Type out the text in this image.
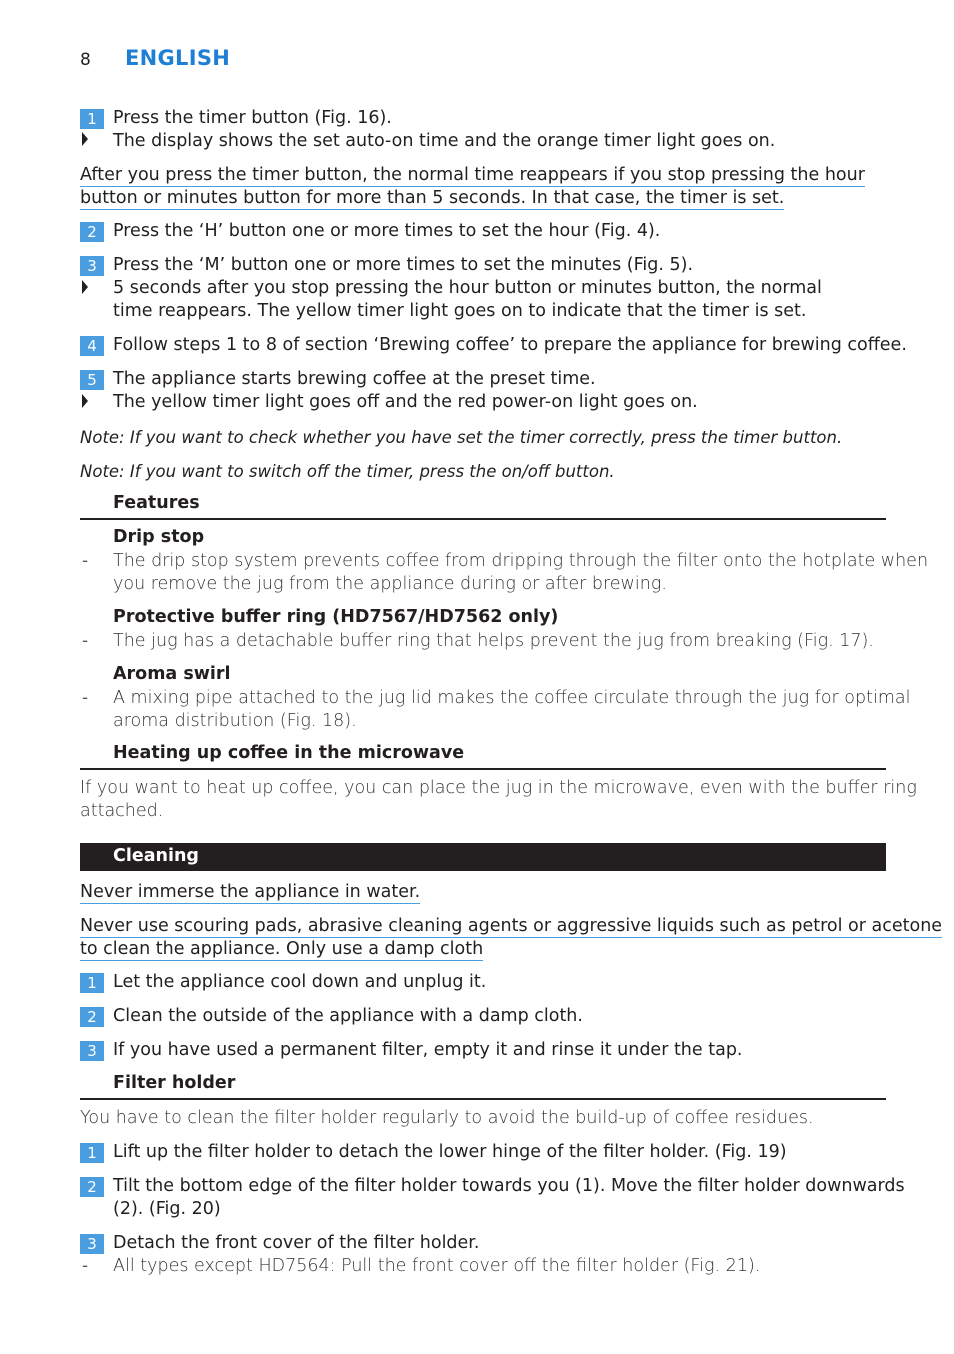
8 ENGLISH
1 Press the timer button (Fig. 16).
The display shows the set auto-on time and the orange timer light goes on.
After you press the timer button, the normal time reappears if you stop pressing the hour
button or minutes button for more than 5 seconds. In that case, the timer is set.
2 Press the ‘H’ button one or more times to set the hour (Fig. 4).
3 Press the ‘M’ button one or more times to set the minutes (Fig. 5).
5 seconds after you stop pressing the hour button or minutes button, the normal
time reappears. The yellow timer light goes on to indicate that the timer is set.
4 Follow steps 1 to 8 of section ‘Brewing coffee’ to prepare the appliance for brewing coffee.
5 The appliance starts brewing coffee at the preset time.
The yellow timer light goes off and the red power-on light goes on.
Note: If you want to check whether you have set the timer correctly, press the timer button.
Note: If you want to switch off the timer, press the on/off button.
Features
Drip stop
- The drip stop system prevents coffee from dripping through the filter onto the hotplate when
you remove the jug from the appliance during or after brewing.
Protective buffer ring (HD7567/HD7562 only)
- The jug has a detachable buffer ring that helps prevent the jug from breaking (Fig. 17).
Aroma swirl
- A mixing pipe attached to the jug lid makes the coffee circulate through the jug for optimal
aroma distribution (Fig. 18).
Heating up coffee in the microwave
If you want to heat up coffee, you can place the jug in the microwave, even with the buffer ring
attached.
Cleaning
Never immerse the appliance in water.
Never use scouring pads, abrasive cleaning agents or aggressive liquids such as petrol or acetone
to clean the appliance. Only use a damp cloth
1 Let the appliance cool down and unplug it.
2 Clean the outside of the appliance with a damp cloth.
3 If you have used a permanent filter, empty it and rinse it under the tap.
Filter holder
You have to clean the filter holder regularly to avoid the build-up of coffee residues.
1 Lift up the filter holder to detach the lower hinge of the filter holder. (Fig. 19)
2 Tilt the bottom edge of the filter holder towards you (1). Move the filter holder downwards
(2). (Fig. 20)
3 Detach the front cover of the filter holder.
- All types except HD7564: Pull the front cover off the filter holder (Fig. 21).
